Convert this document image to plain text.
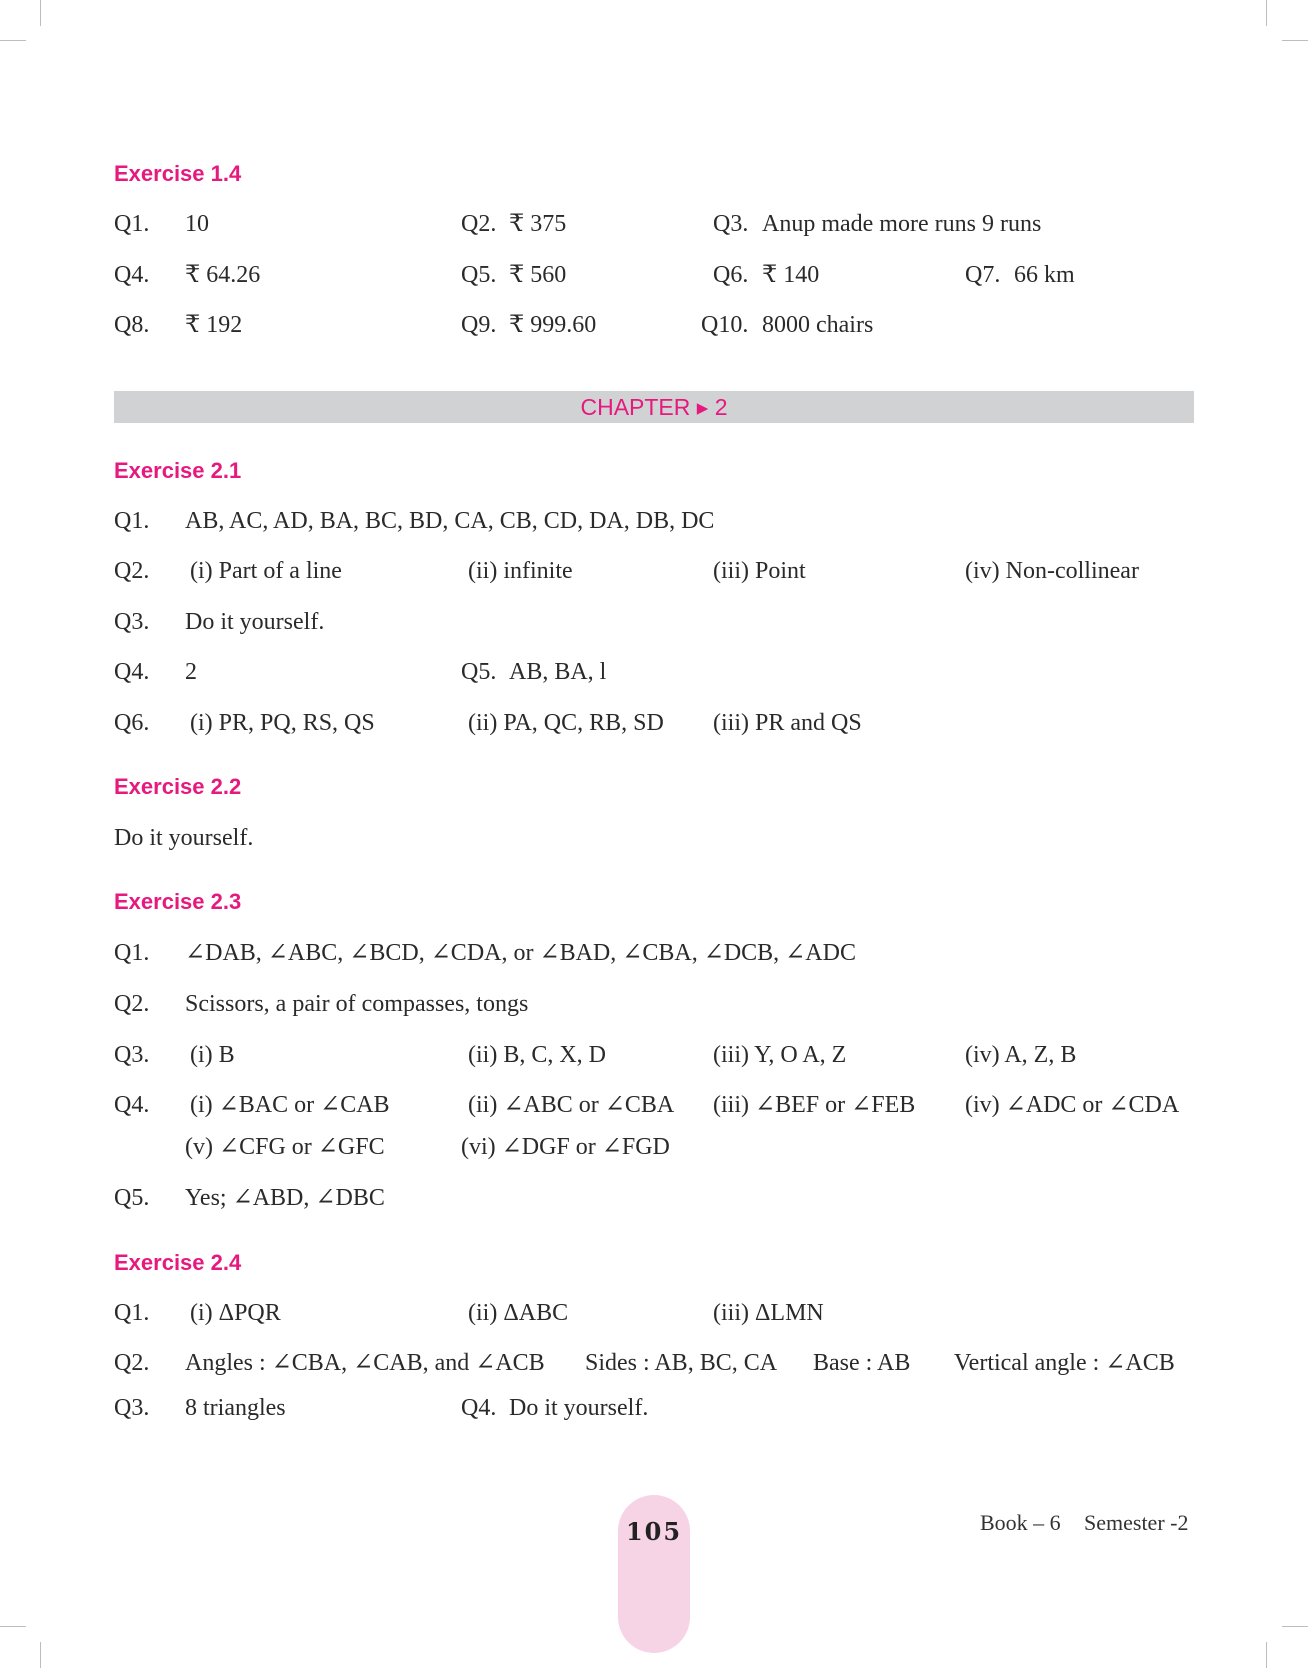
Exercise 1.4
Q1. 10	Q2. ₹ 375	Q3. Anup made more runs 9 runs
Q4. ₹ 64.26	Q5. ₹ 560	Q6. ₹ 140	Q7. 66 km
Q8. ₹ 192	Q9. ₹ 999.60	Q10. 8000 chairs
CHAPTER ▸ 2
Exercise 2.1
Q1. AB, AC, AD, BA, BC, BD, CA, CB, CD, DA, DB, DC
Q2. (i) Part of a line	(ii) infinite	(iii) Point	(iv) Non-collinear
Q3. Do it yourself.
Q4. 2	Q5. AB, BA, l
Q6. (i) PR, PQ, RS, QS	(ii) PA, QC, RB, SD (iii) PR and QS
Exercise 2.2
Do it yourself.
Exercise 2.3
Q1. ∠DAB, ∠ABC, ∠BCD, ∠CDA, or ∠BAD, ∠CBA, ∠DCB, ∠ADC
Q2. Scissors, a pair of compasses, tongs
Q3. (i) B	(ii) B, C, X, D	(iii) Y, O A, Z	(iv) A, Z, B
Q4. (i) ∠BAC or ∠CAB	(ii) ∠ABC or ∠CBA (iii) ∠BEF or ∠FEB (iv) ∠ADC or ∠CDA
(v) ∠CFG or ∠GFC	(vi) ∠DGF or ∠FGD
Q5. Yes; ∠ABD, ∠DBC
Exercise 2.4
Q1. (i) ΔPQR	(ii) ΔABC	(iii) ΔLMN
Q2. Angles : ∠CBA, ∠CAB, and ∠ACB Sides : AB, BC, CA Base : AB Vertical angle : ∠ACB
Q3. 8 triangles	Q4. Do it yourself.
105	Book – 6 Semester -2
